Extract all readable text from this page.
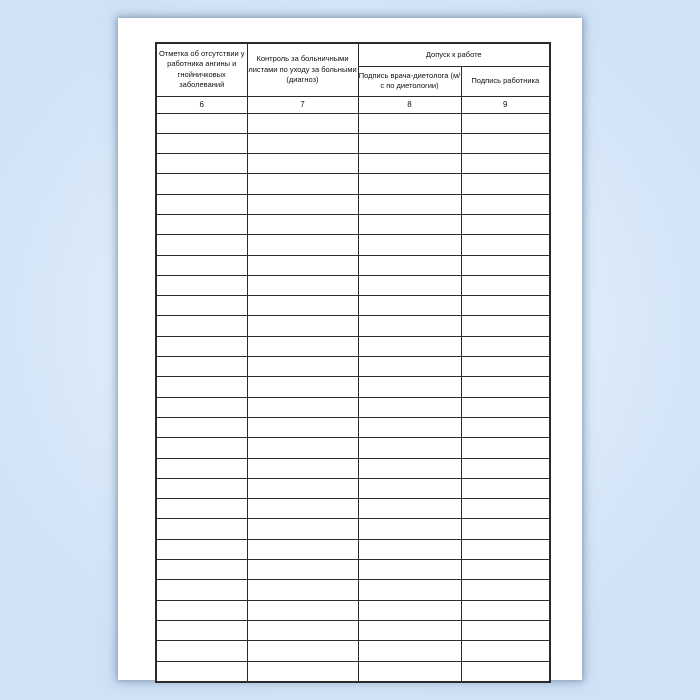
Отметка об отсутствии у работника ангины и гнойничковых заболеваний	Контроль за больничными листами по уходу за больными (диагноз)	Допуск к работе	
		Подпись врача-диетолога (м/с по диетологии)	Подпись работника
6	7	8	9
